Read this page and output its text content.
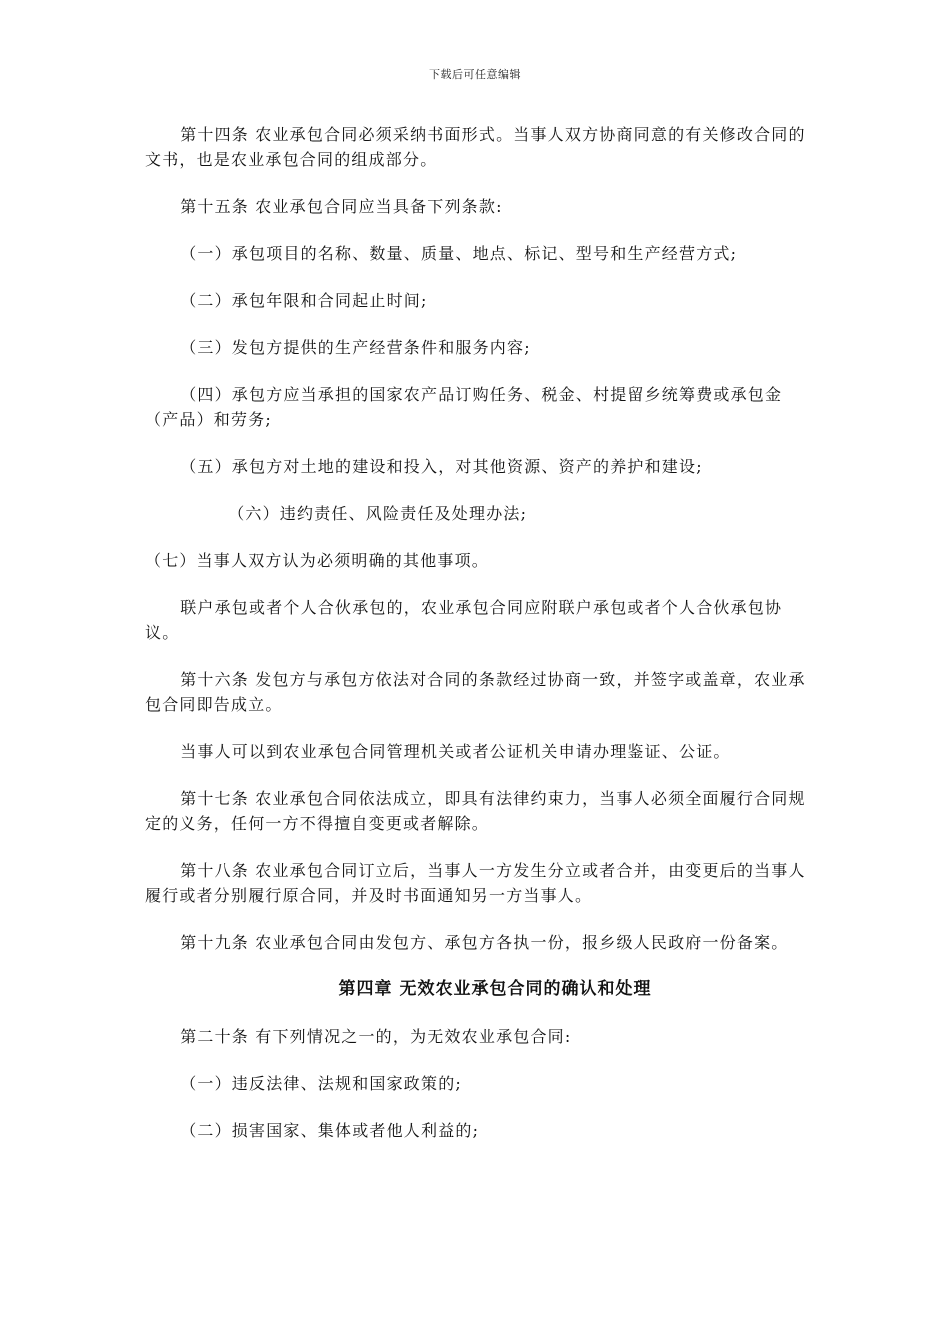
下载后可任意编辑

第十四条 农业承包合同必须采纳书面形式。当事人双方协商同意的有关修改合同的文书，也是农业承包合同的组成部分。

第十五条 农业承包合同应当具备下列条款:

（一）承包项目的名称、数量、质量、地点、标记、型号和生产经营方式;

（二）承包年限和合同起止时间;

（三）发包方提供的生产经营条件和服务内容;

（四）承包方应当承担的国家农产品订购任务、税金、村提留乡统筹费或承包金（产品）和劳务;

（五）承包方对土地的建设和投入，对其他资源、资产的养护和建设;

（六）违约责任、风险责任及处理办法;

（七）当事人双方认为必须明确的其他事项。

联户承包或者个人合伙承包的，农业承包合同应附联户承包或者个人合伙承包协议。

第十六条 发包方与承包方依法对合同的条款经过协商一致，并签字或盖章，农业承包合同即告成立。

当事人可以到农业承包合同管理机关或者公证机关申请办理鉴证、公证。

第十七条 农业承包合同依法成立，即具有法律约束力，当事人必须全面履行合同规定的义务，任何一方不得擅自变更或者解除。

第十八条 农业承包合同订立后，当事人一方发生分立或者合并，由变更后的当事人履行或者分别履行原合同，并及时书面通知另一方当事人。

第十九条 农业承包合同由发包方、承包方各执一份，报乡级人民政府一份备案。

第四章 无效农业承包合同的确认和处理

第二十条 有下列情况之一的，为无效农业承包合同:

（一）违反法律、法规和国家政策的;

（二）损害国家、集体或者他人利益的;
